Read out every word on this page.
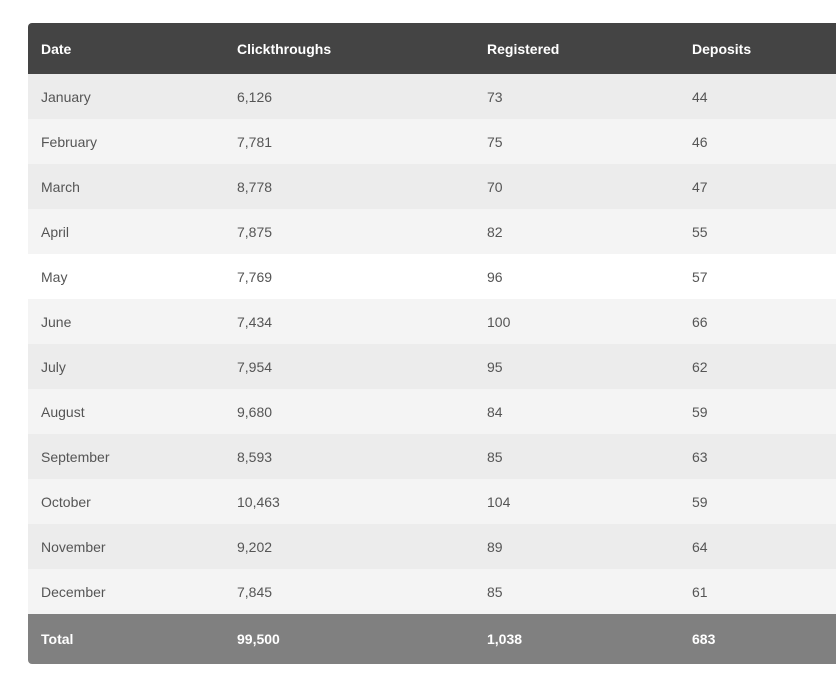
Date	Clickthroughs	Registered	Deposits
January	6,126	73	44
February	7,781	75	46
March	8,778	70	47
April	7,875	82	55
May	7,769	96	57
June	7,434	100	66
July	7,954	95	62
August	9,680	84	59
September	8,593	85	63
October	10,463	104	59
November	9,202	89	64
December	7,845	85	61
Total	99,500	1,038	683
